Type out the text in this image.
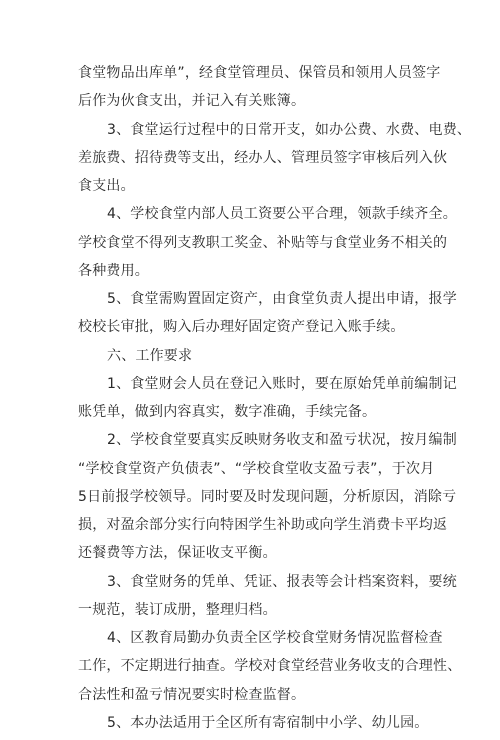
食堂物品出库单”，经食堂管理员、保管员和领用人员签字
后作为伙食支出，并记入有关账簿。
3、食堂运行过程中的日常开支，如办公费、水费、电费、
差旅费、招待费等支出，经办人、管理员签字审核后列入伙
食支出。
4、学校食堂内部人员工资要公平合理，领款手续齐全。
学校食堂不得列支教职工奖金、补贴等与食堂业务不相关的
各种费用。
5、食堂需购置固定资产，由食堂负责人提出申请，报学
校校长审批，购入后办理好固定资产登记入账手续。
六、工作要求
1、食堂财会人员在登记入账时，要在原始凭单前编制记
账凭单，做到内容真实，数字准确，手续完备。
2、学校食堂要真实反映财务收支和盈亏状况，按月编制
“学校食堂资产负债表”、“学校食堂收支盈亏表”，于次月
5日前报学校领导。同时要及时发现问题，分析原因，消除亏
损，对盈余部分实行向特困学生补助或向学生消费卡平均返
还餐费等方法，保证收支平衡。
3、食堂财务的凭单、凭证、报表等会计档案资料，要统
一规范，装订成册，整理归档。
4、区教育局勤办负责全区学校食堂财务情况监督检查
工作，不定期进行抽查。学校对食堂经营业务收支的合理性、
合法性和盈亏情况要实时检查监督。
5、本办法适用于全区所有寄宿制中小学、幼儿园。
